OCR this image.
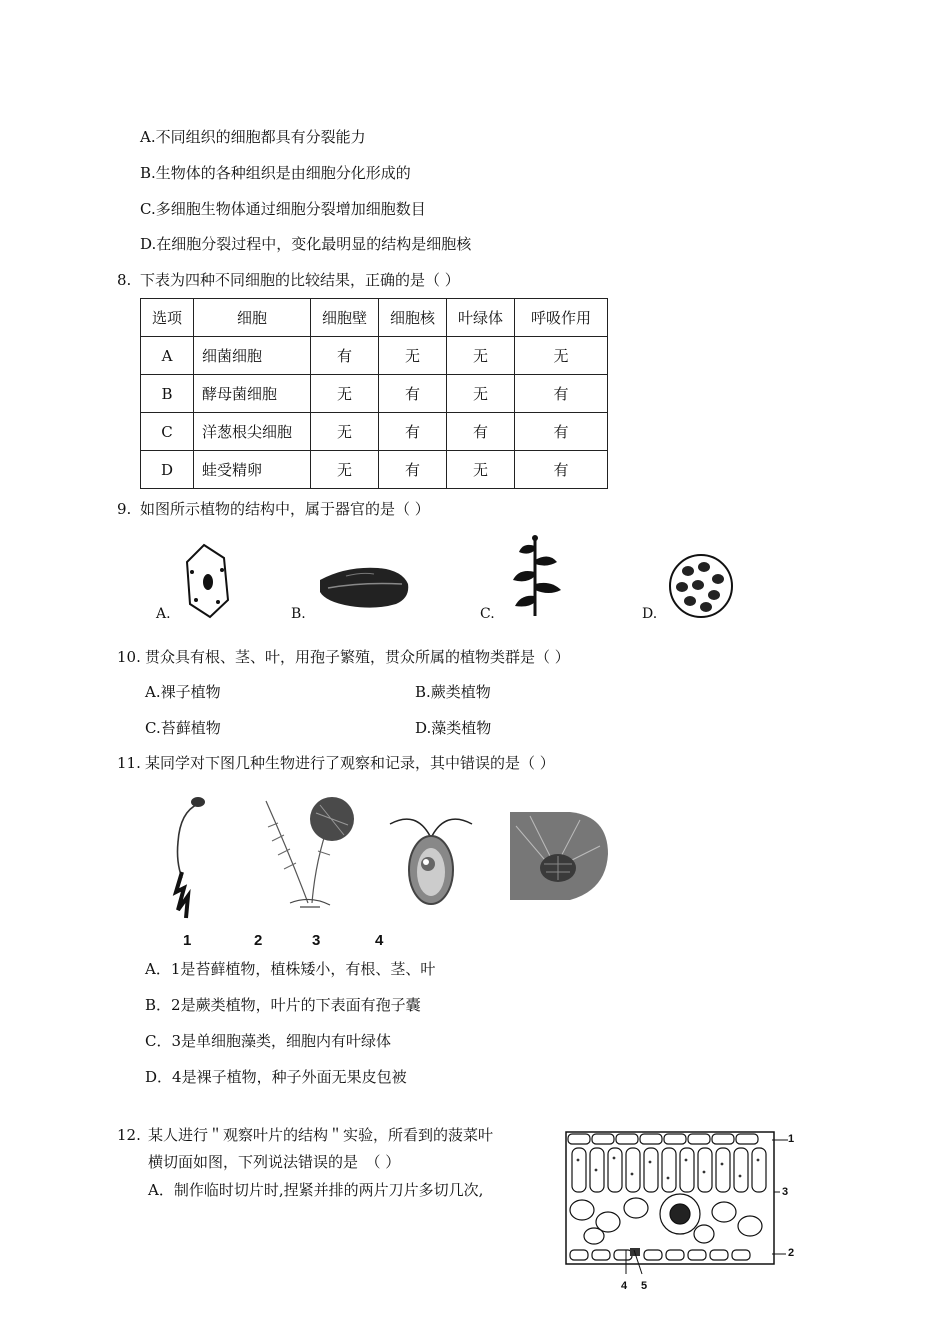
A.不同组织的细胞都具有分裂能力
B.生物体的各种组织是由细胞分化形成的
C.多细胞生物体通过细胞分裂增加细胞数目
D.在细胞分裂过程中，变化最明显的结构是细胞核
8. 下表为四种不同细胞的比较结果，正确的是（ ）
选项	细胞	细胞壁	细胞核	叶绿体	呼吸作用
A	细菌细胞	有	无	无	无
B	酵母菌细胞	无	有	无	有
C	洋葱根尖细胞	无	有	有	有
D	蛙受精卵	无	有	无	有
9. 如图所示植物的结构中，属于器官的是（ ）
A.	B.	C.	D.
10. 贯众具有根、茎、叶，用孢子繁殖，贯众所属的植物类群是（ ）
A.裸子植物	B.蕨类植物
C.苔藓植物	D.藻类植物
11. 某同学对下图几种生物进行了观察和记录，其中错误的是（ ）
1	2	3	4
A．1是苔藓植物，植株矮小，有根、茎、叶
B．2是蕨类植物，叶片的下表面有孢子囊
C．3是单细胞藻类，细胞内有叶绿体
D．4是裸子植物，种子外面无果皮包被
12. 某人进行＂观察叶片的结构＂实验，所看到的菠菜叶
横切面如图，下列说法错误的是　（ ）
A．制作临时切片时,捏紧并排的两片刀片多切几次,
1
2
3
4 5
